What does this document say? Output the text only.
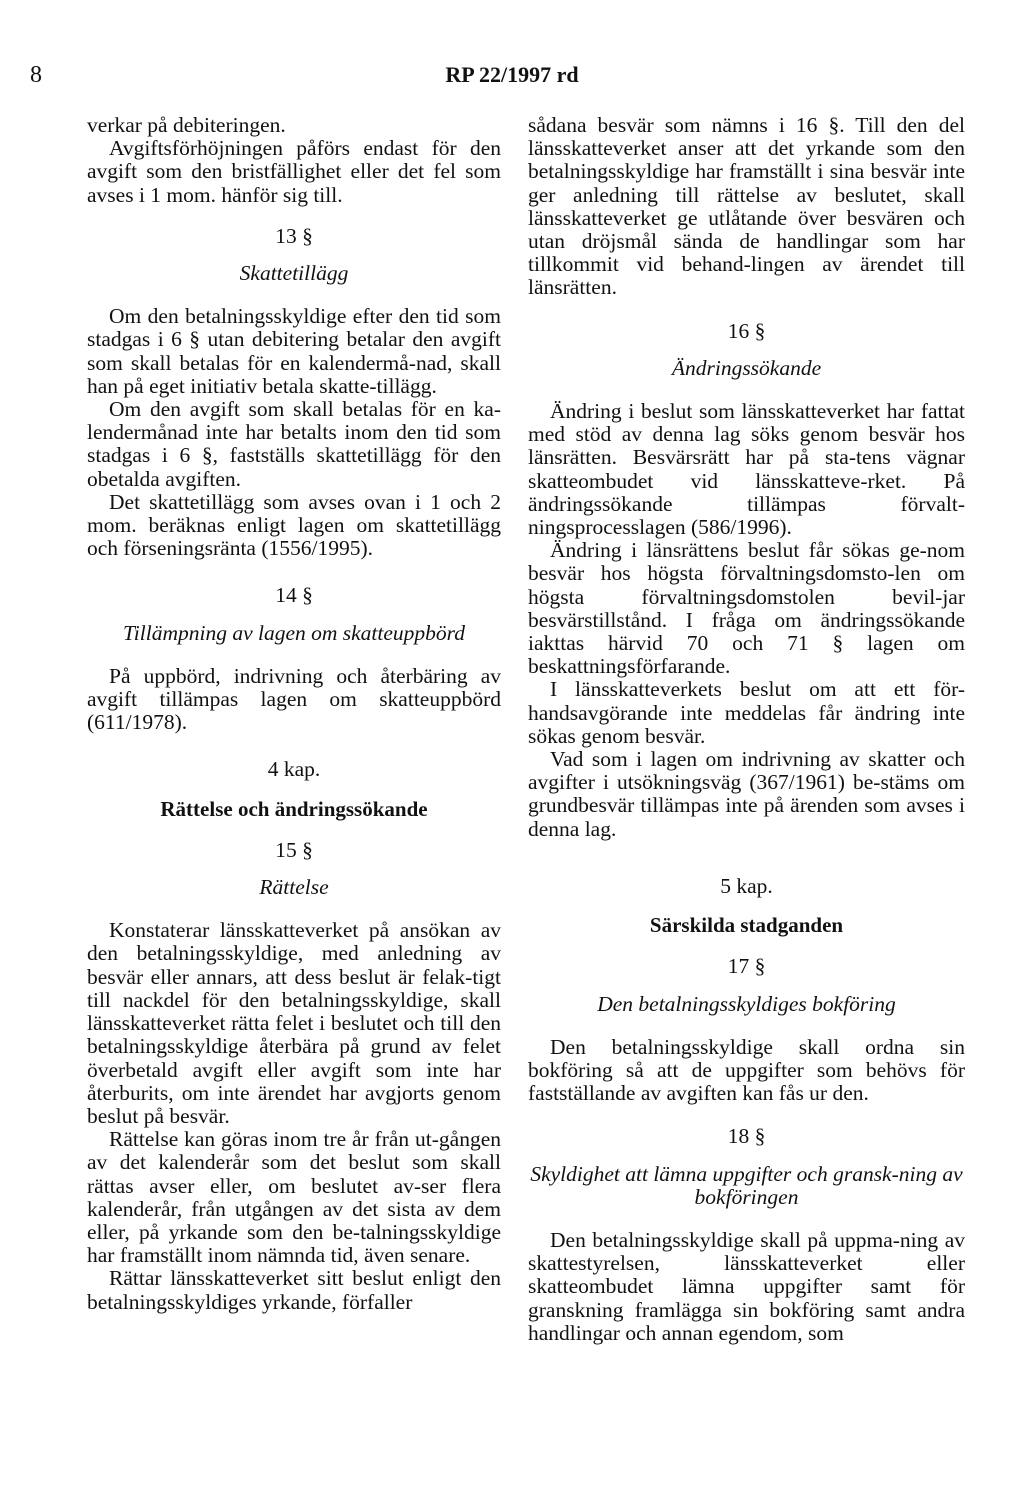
8	RP 22/1997 rd

verkar på debiteringen.

Avgiftsförhöjningen påförs endast för den avgift som den bristfällighet eller det fel som avses i 1 mom. hänför sig till.

13 §
Skattetillägg

Om den betalningsskyldige efter den tid som stadgas i 6 § utan debitering betalar den avgift som skall betalas för en kalendermå-nad, skall han på eget initiativ betala skatte-tillägg.

Om den avgift som skall betalas för en ka-lendermånad inte har betalts inom den tid som stadgas i 6 §, fastställs skattetillägg för den obetalda avgiften.

Det skattetillägg som avses ovan i 1 och 2 mom. beräknas enligt lagen om skattetillägg och förseningsränta (1556/1995).

14 §
Tillämpning av lagen om skatteuppbörd

På uppbörd, indrivning och återbäring av avgift tillämpas lagen om skatteuppbörd (611/1978).

4 kap.
Rättelse och ändringssökande
15 §
Rättelse

Konstaterar länsskatteverket på ansökan av den betalningsskyldige, med anledning av besvär eller annars, att dess beslut är felak-tigt till nackdel för den betalningsskyldige, skall länsskatteverket rätta felet i beslutet och till den betalningsskyldige återbära på grund av felet överbetald avgift eller avgift som inte har återburits, om inte ärendet har avgjorts genom beslut på besvär.

Rättelse kan göras inom tre år från ut-gången av det kalenderår som det beslut som skall rättas avser eller, om beslutet av-ser flera kalenderår, från utgången av det sista av dem eller, på yrkande som den be-talningsskyldige har framställt inom nämnda tid, även senare.

Rättar länsskatteverket sitt beslut enligt den betalningsskyldiges yrkande, förfaller

sådana besvär som nämns i 16 §. Till den del länsskatteverket anser att det yrkande som den betalningsskyldige har framställt i sina besvär inte ger anledning till rättelse av beslutet, skall länsskatteverket ge utlåtande över besvären och utan dröjsmål sända de handlingar som har tillkommit vid behand-lingen av ärendet till länsrätten.

16 §
Ändringssökande

Ändring i beslut som länsskatteverket har fattat med stöd av denna lag söks genom besvär hos länsrätten. Besvärsrätt har på sta-tens vägnar skatteombudet vid länsskatteve-rket. På ändringssökande tillämpas förvalt-ningsprocesslagen (586/1996).

Ändring i länsrättens beslut får sökas ge-nom besvär hos högsta förvaltningsdomsto-len om högsta förvaltningsdomstolen bevil-jar besvärstillstånd. I fråga om ändringssökande iakttas härvid 70 och 71 § lagen om beskattningsförfarande.

I länsskatteverkets beslut om att ett för-handsavgörande inte meddelas får ändring inte sökas genom besvär.

Vad som i lagen om indrivning av skatter och avgifter i utsökningsväg (367/1961) be-stäms om grundbesvär tillämpas inte på ärenden som avses i denna lag.

5 kap.
Särskilda stadganden
17 §
Den betalningsskyldiges bokföring

Den betalningsskyldige skall ordna sin bokföring så att de uppgifter som behövs för fastställande av avgiften kan fås ur den.

18 §
Skyldighet att lämna uppgifter och gransk-ning av bokföringen

Den betalningsskyldige skall på uppma-ning av skattestyrelsen, länsskatteverket eller skatteombudet lämna uppgifter samt för granskning framlägga sin bokföring samt andra handlingar och annan egendom, som
